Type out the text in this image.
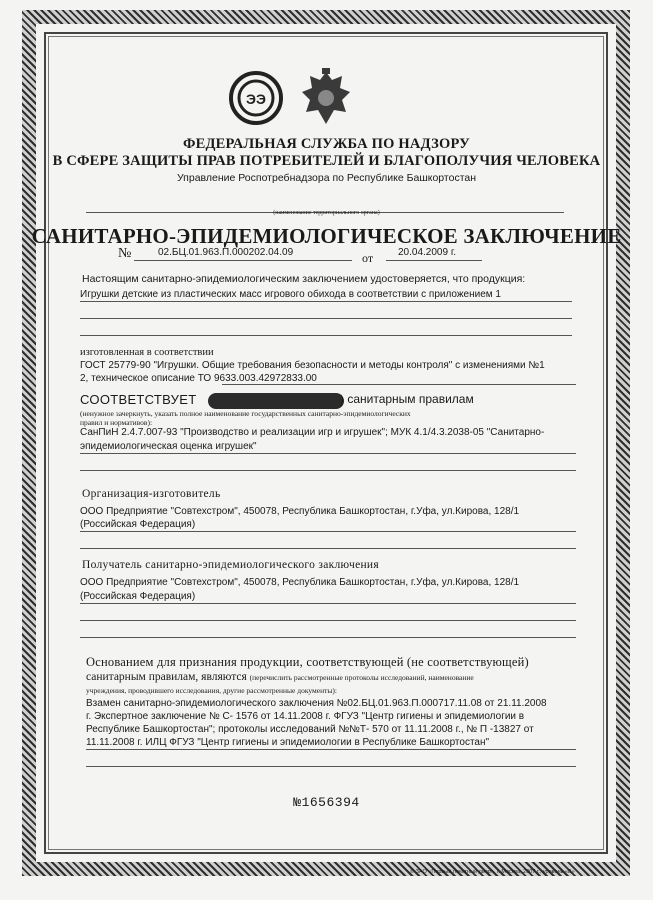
ЭЭ
ФЕДЕРАЛЬНАЯ СЛУЖБА ПО НАДЗОРУ
В СФЕРЕ ЗАЩИТЫ ПРАВ ПОТРЕБИТЕЛЕЙ И БЛАГОПОЛУЧИЯ ЧЕЛОВЕКА
Управление Роспотребнадзора по Республике Башкортостан
(наименование территориального органа)
САНИТАРНО-ЭПИДЕМИОЛОГИЧЕСКОЕ ЗАКЛЮЧЕНИЕ
№	02.БЦ.01.963.П.000202.04.09	от 20.04.2009 г.
Настоящим санитарно-эпидемиологическим заключением удостоверяется, что продукция:
Игрушки детские из пластических масс игрового обихода в соответствии с приложением 1
изготовленная в соответствии
ГОСТ 25779-90 "Игрушки. Общие требования безопасности и методы контроля" с изменениями №1
2, техническое описание ТО 9633.003.42972833.00
СООТВЕТСТВУЕТ	) санитарным правилам
(ненужное зачеркнуть, указать полное наименование государственных санитарно-эпидемиологических
правил и нормативов):
СанПиН 2.4.7.007-93 "Производство и реализации игр и игрушек"; МУК 4.1/4.3.2038-05 "Санитарно-
эпидемиологическая оценка игрушек"
Организация-изготовитель
ООО Предприятие "Совтехстром", 450078, Республика Башкортостан, г.Уфа, ул.Кирова, 128/1
(Российская Федерация)
Получатель санитарно-эпидемиологического заключения
ООО Предприятие "Совтехстром", 450078, Республика Башкортостан, г.Уфа, ул.Кирова, 128/1
(Российская Федерация)
Основанием для признания продукции, соответствующей (не соответствующей)
санитарным правилам, являются (перечислить рассмотренные протоколы исследований, наименование
учреждения, проводившего исследования, другие рассмотренные документы):
Взамен санитарно-эпидемиологического заключения №02.БЦ.01.963.П.000717.11.08 от 21.11.2008
г. Экспертное заключение № С- 1576 от 14.11.2008 г. ФГУЗ "Центр гигиены и эпидемиологии в
Республике Башкортостан"; протоколы исследований №№Т- 570 от 11.11.2008 г., № П -13827 от
11.11.2008 г. ИЛЦ ФГУЗ "Центр гигиены и эпидемиологии в Республике Башкортостан"
№1656394
© ЗАО «Первый печатный двор», г. Москва, 2007 г., уровень «В»
